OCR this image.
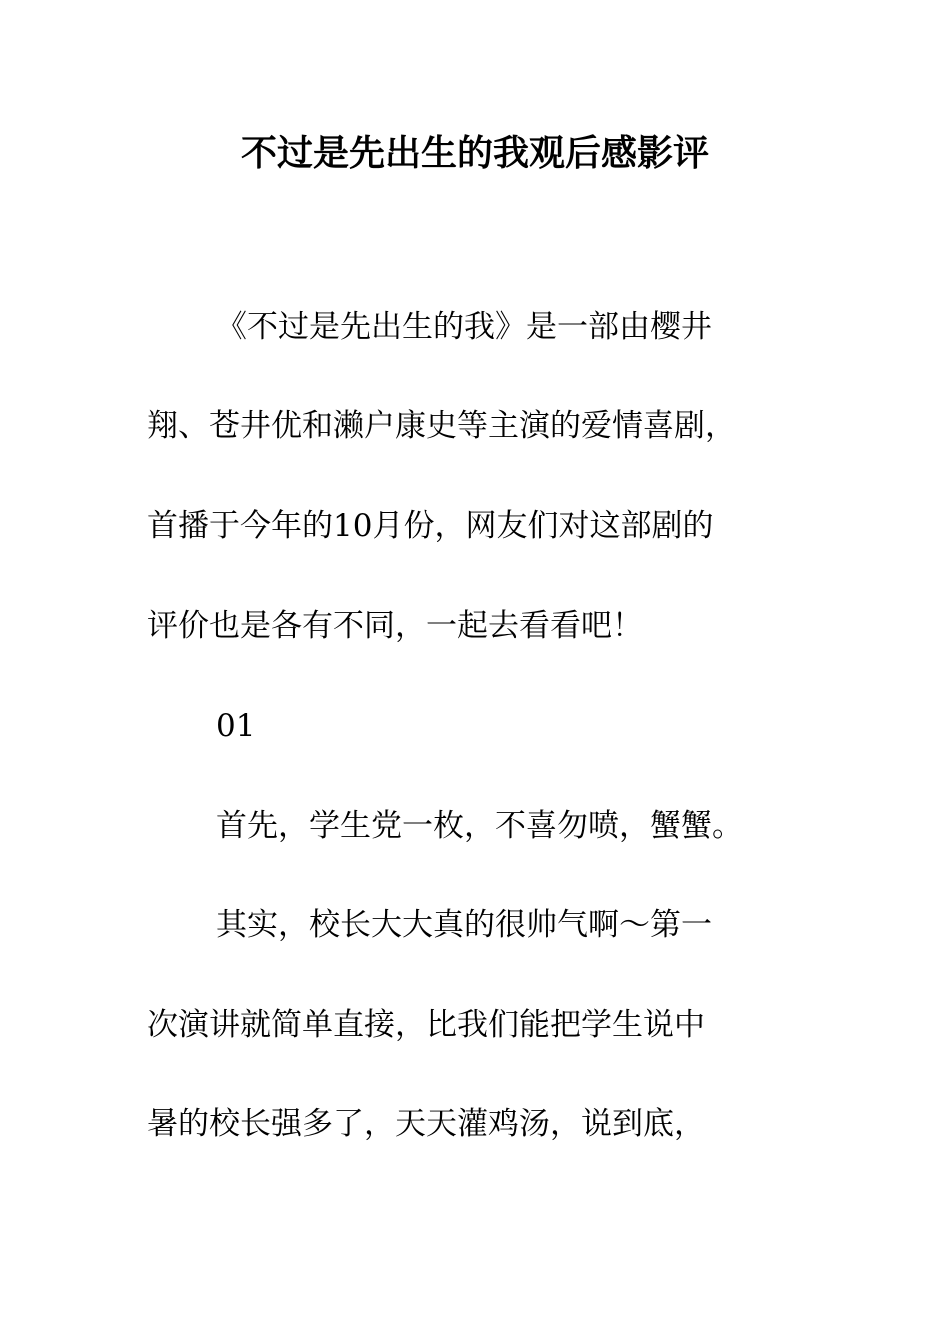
不过是先出生的我观后感影评

《不过是先出生的我》是一部由樱井

翔、苍井优和濑户康史等主演的爱情喜剧，

首播于今年的10月份，网友们对这部剧的

评价也是各有不同，一起去看看吧！

01

首先，学生党一枚，不喜勿喷，蟹蟹。

其实，校长大大真的很帅气啊～第一

次演讲就简单直接，比我们能把学生说中

暑的校长强多了，天天灌鸡汤，说到底，
